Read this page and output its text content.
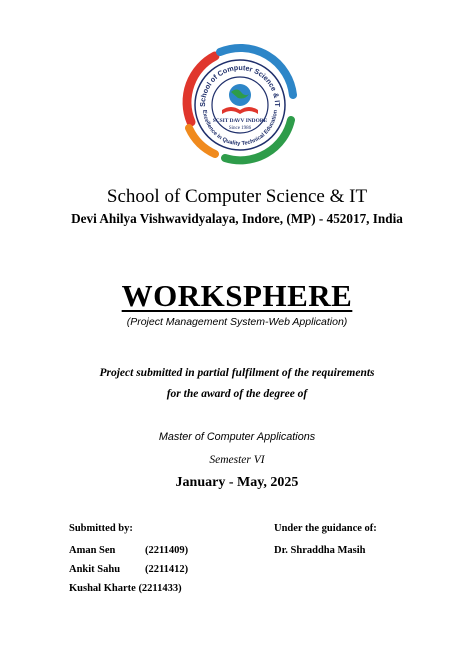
School of Computer Science & IT
Excellence in Quality Technical Education
SCSIT DAVV INDORE
Since 1986
School of Computer Science & IT
Devi Ahilya Vishwavidyalaya, Indore, (MP) - 452017, India
WORKSPHERE
(Project Management System-Web Application)
Project submitted in partial fulfilment of the requirements
for the award of the degree of
Master of Computer Applications
Semester VI
January - May, 2025
Submitted by:	Under the guidance of:
Aman Sen	(2211409)	Dr. Shraddha Masih
Ankit Sahu (2211412)
Kushal Kharte (2211433)
